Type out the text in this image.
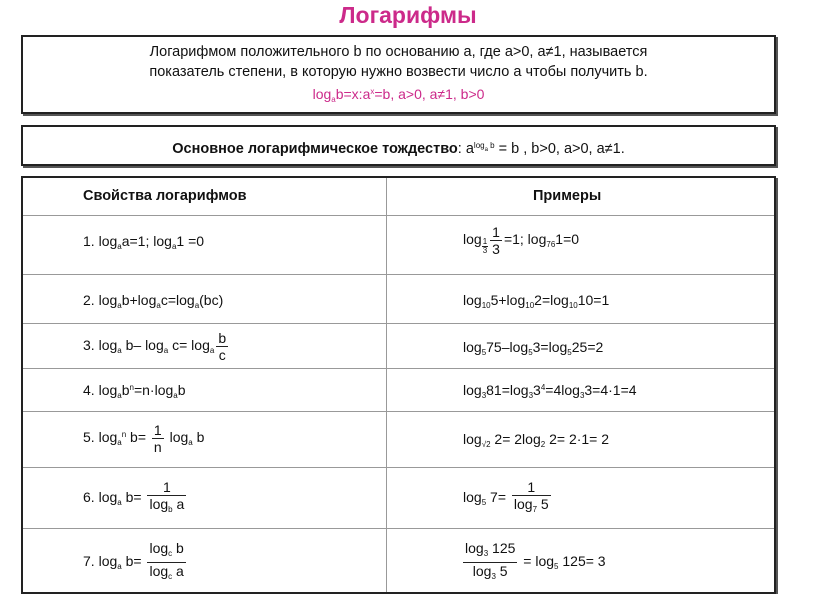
Логарифмы
Логарифмом положительного b по основанию a, где a>0, a≠1, называется
показатель степени, в которую нужно возвести число a чтобы получить b.
$\log_ab=x:a^x=b$, a>0, a≠1, b>0
Основное логарифмическое тождество: $a^{log_a b} = b$ , b>0, a>0, a≠1.
Свойства логарифмов	Примеры
1. $\log_aa=1$; $\log_a1 =0$	$\log \frac{1}{3} \frac{1}{3} =1$; $\log_{76}1=0$
2. $\log_ab+\log_ac=\log_a(bc)$	$\log_{10}5+\log_{10}2=\log_{10}10=1$
3. $\log_a b-$ $\log_a c= \log_a \frac{b}{c}$	$\log_575-\log_53=\log_525=2$
4. $\log_ab^n=n\cdot\log_ab$	$\log_381=\log_33^4=4\log_33=4\cdot 1=4$
5. $\log_a^n b= \frac{1}{n} \log_a b$	$\log_{√2} 2= 2\log_2$ 2= 2·1= 2
6. $\log_a b= \frac{1}{\log_b a}$	$\log_5 7= \frac{1}{\log_7 5}$
7. $\log_a b= \frac{\log_c b}{\log_c a}$	$\frac{\log_3 125}{\log_3 5} = \log_5 125= 3$
